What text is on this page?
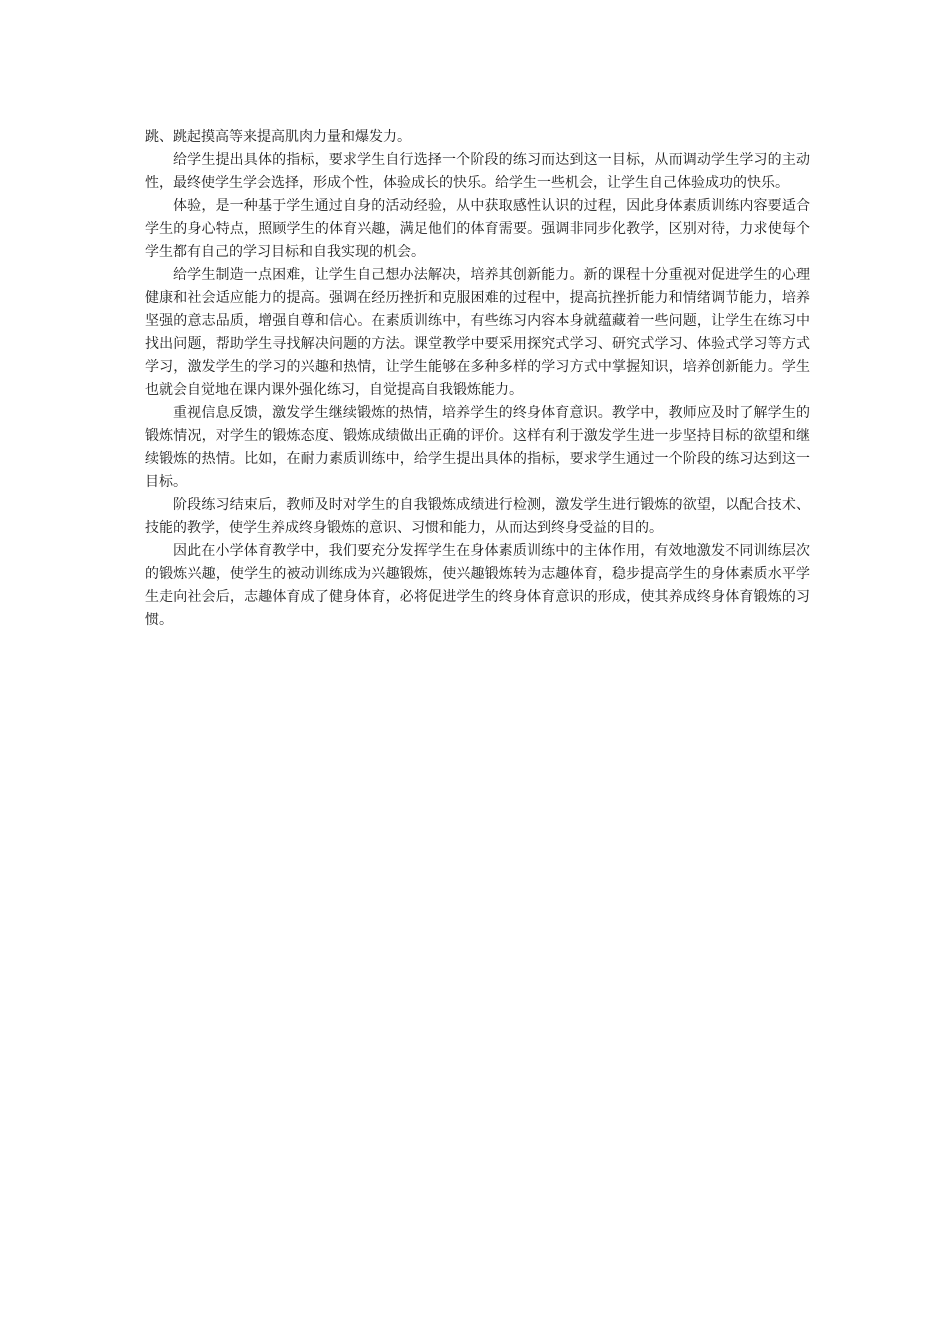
跳、跳起摸高等来提高肌肉力量和爆发力。

给学生提出具体的指标，要求学生自行选择一个阶段的练习而达到这一目标，从而调动学生学习的主动性，最终使学生学会选择，形成个性，体验成长的快乐。给学生一些机会，让学生自己体验成功的快乐。

体验，是一种基于学生通过自身的活动经验，从中获取感性认识的过程，因此身体素质训练内容要适合学生的身心特点，照顾学生的体育兴趣，满足他们的体育需要。强调非同步化教学，区别对待，力求使每个学生都有自己的学习目标和自我实现的机会。

给学生制造一点困难，让学生自己想办法解决，培养其创新能力。新的课程十分重视对促进学生的心理健康和社会适应能力的提高。强调在经历挫折和克服困难的过程中，提高抗挫折能力和情绪调节能力，培养坚强的意志品质，增强自尊和信心。在素质训练中，有些练习内容本身就蕴藏着一些问题，让学生在练习中找出问题，帮助学生寻找解决问题的方法。课堂教学中要采用探究式学习、研究式学习、体验式学习等方式学习，激发学生的学习的兴趣和热情，让学生能够在多种多样的学习方式中掌握知识，培养创新能力。学生也就会自觉地在课内课外强化练习，自觉提高自我锻炼能力。

重视信息反馈，激发学生继续锻炼的热情，培养学生的终身体育意识。教学中，教师应及时了解学生的锻炼情况，对学生的锻炼态度、锻炼成绩做出正确的评价。这样有利于激发学生进一步坚持目标的欲望和继续锻炼的热情。比如，在耐力素质训练中，给学生提出具体的指标，要求学生通过一个阶段的练习达到这一目标。

阶段练习结束后，教师及时对学生的自我锻炼成绩进行检测，激发学生进行锻炼的欲望，以配合技术、技能的教学，使学生养成终身锻炼的意识、习惯和能力，从而达到终身受益的目的。

因此在小学体育教学中，我们要充分发挥学生在身体素质训练中的主体作用，有效地激发不同训练层次的锻炼兴趣，使学生的被动训练成为兴趣锻炼，使兴趣锻炼转为志趣体育，稳步提高学生的身体素质水平学生走向社会后，志趣体育成了健身体育，必将促进学生的终身体育意识的形成，使其养成终身体育锻炼的习惯。
